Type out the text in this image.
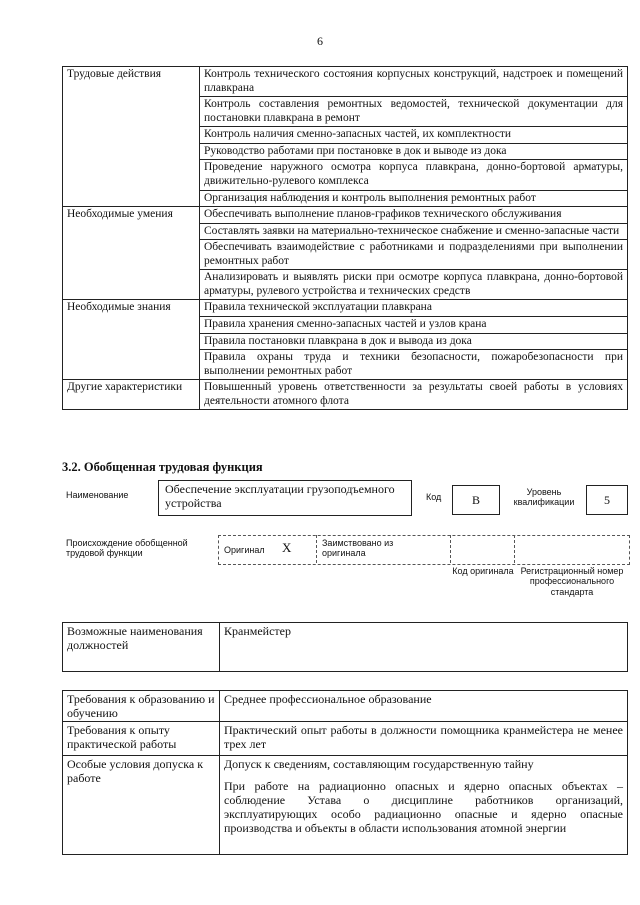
6
Трудовые действия	Контроль технического состояния корпусных конструкций, надстроек и помещений плавкрана
	Контроль составления ремонтных ведомостей, технической документации для постановки плавкрана в ремонт
	Контроль наличия сменно-запасных частей, их комплектности
	Руководство работами при постановке в док и выводе из дока
	Проведение наружного осмотра корпуса плавкрана, донно-бортовой арматуры, движительно-рулевого комплекса
	Организация наблюдения и контроль выполнения ремонтных работ
Необходимые умения	Обеспечивать выполнение планов-графиков технического обслуживания
	Составлять заявки на материально-техническое снабжение и сменно-запасные части
	Обеспечивать взаимодействие с работниками и подразделениями при выполнении ремонтных работ
	Анализировать и выявлять риски при осмотре корпуса плавкрана, донно-бортовой арматуры, рулевого устройства и технических средств
Необходимые знания	Правила технической эксплуатации плавкрана
	Правила хранения сменно-запасных частей и узлов крана
	Правила постановки плавкрана в док и вывода из дока
	Правила охраны труда и техники безопасности, пожаробезопасности при выполнении ремонтных работ
Другие характеристики	Повышенный уровень ответственности за результаты своей работы в условиях деятельности атомного флота
3.2. Обобщенная трудовая функция
Наименование	Обеспечение эксплуатации грузоподъемного устройства	Код	В
Уровень квалификации	5
Происхождение обобщенной трудовой функции	Оригинал Х	Заимствовано из оригинала
Код оригинала Регистрационный номер профессионального стандарта
Возможные наименования должностей	Кранмейстер
Требования к образованию и обучению	Среднее профессиональное образование

Требования к опыту практической работы	Практический опыт работы в должности помощника кранмейстера не менее трех лет

Особые условия допуска к работе	Допуск к сведениям, составляющим государственную тайну

При работе на радиационно опасных и ядерно опасных объектах – соблюдение Устава о дисциплине работников организаций, эксплуатирующих особо радиационно опасные и ядерно опасные производства и объекты в области использования атомной энергии
